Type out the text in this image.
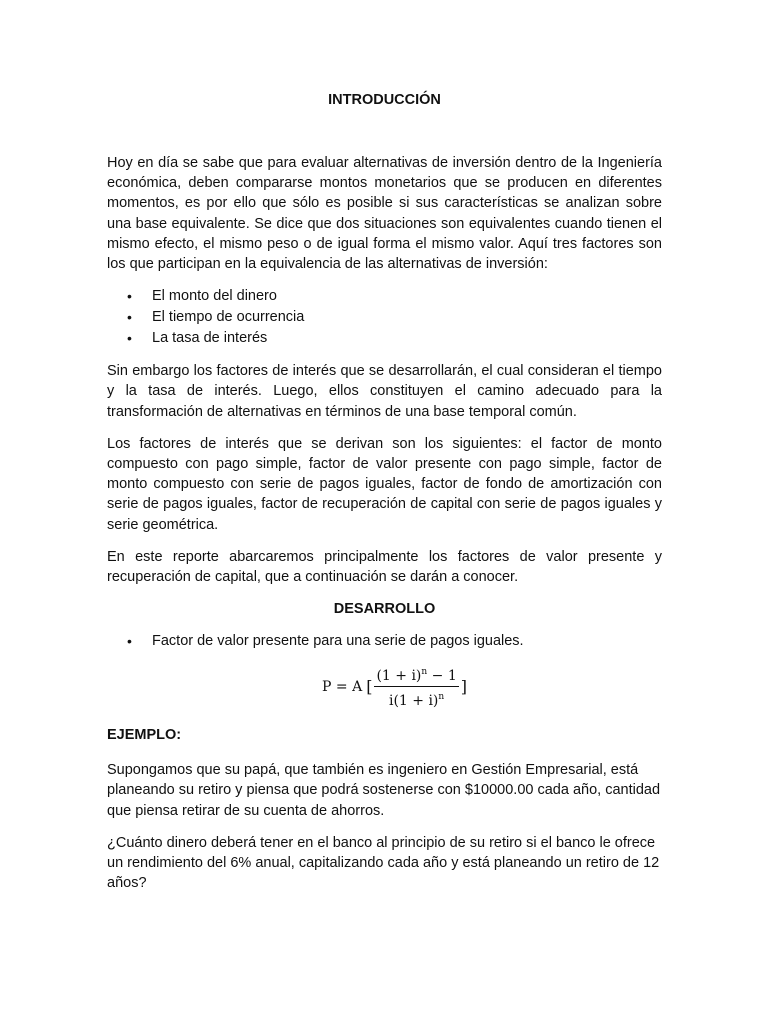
INTRODUCCIÓN

Hoy en día se sabe que para evaluar alternativas de inversión dentro de la Ingeniería económica, deben compararse montos monetarios que se producen en diferentes momentos, es por ello que sólo es posible si sus características se analizan sobre una base equivalente. Se dice que dos situaciones son equivalentes cuando tienen el mismo efecto, el mismo peso o de igual forma el mismo valor. Aquí tres factores son los que participan en la equivalencia de las alternativas de inversión:

• El monto del dinero
• El tiempo de ocurrencia
• La tasa de interés

Sin embargo los factores de interés que se desarrollarán, el cual consideran el tiempo y la tasa de interés. Luego, ellos constituyen el camino adecuado para la transformación de alternativas en términos de una base temporal común.

Los factores de interés que se derivan son los siguientes: el factor de monto compuesto con pago simple, factor de valor presente con pago simple, factor de monto compuesto con serie de pagos iguales, factor de fondo de amortización con serie de pagos iguales, factor de recuperación de capital con serie de pagos iguales y serie geométrica.

En este reporte abarcaremos principalmente los factores de valor presente y recuperación de capital, que a continuación se darán a conocer.

DESARROLLO
• Factor de valor presente para una serie de pagos iguales.
P = A [ $\frac{(1 + i)^n - 1}{i(1 + i)^n}$ ]
EJEMPLO:

Supongamos que su papá, que también es ingeniero en Gestión Empresarial, está planeando su retiro y piensa que podrá sostenerse con $10000.00 cada año, cantidad que piensa retirar de su cuenta de ahorros.

¿Cuánto dinero deberá tener en el banco al principio de su retiro si el banco le ofrece un rendimiento del 6% anual, capitalizando cada año y está planeando un retiro de 12 años?
